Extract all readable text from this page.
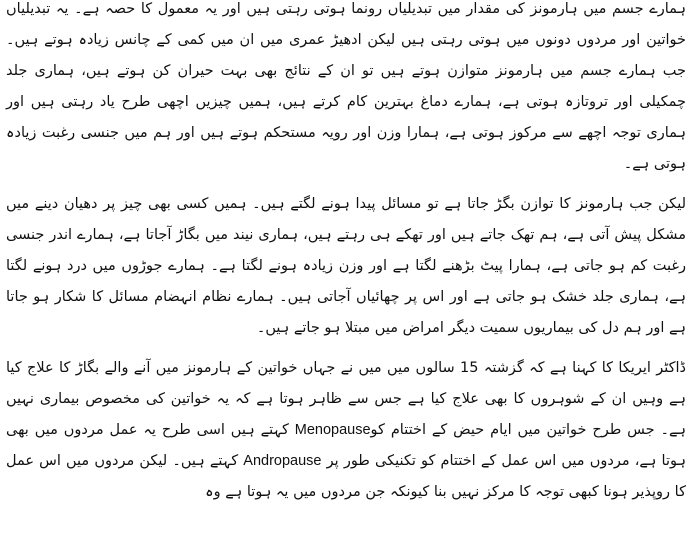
ہمارے جسم میں ہارمونز کی مقدار میں تبدیلیاں رونما ہوتی رہتی ہیں اور یہ معمول کا حصہ ہے۔ یہ تبدیلیاں خواتین اور مردوں دونوں میں ہوتی رہتی ہیں لیکن ادھیڑ عمری میں ان میں کمی کے چانس زیادہ ہوتے ہیں۔ جب ہمارے جسم میں ہارمونز متوازن ہوتے ہیں تو ان کے نتائج بھی بہت حیران کن ہوتے ہیں، ہماری جلد چمکیلی اور تروتازہ ہوتی ہے، ہمارے دماغ بہترین کام کرتے ہیں، ہمیں چیزیں اچھی طرح یاد رہتی ہیں اور ہماری توجہ اچھے سے مرکوز ہوتی ہے، ہمارا وزن اور رویہ مستحکم ہوتے ہیں اور ہم میں جنسی رغبت زیادہ ہوتی ہے۔

لیکن جب ہارمونز کا توازن بگڑ جاتا ہے تو مسائل پیدا ہونے لگتے ہیں۔ ہمیں کسی بھی چیز پر دھیان دینے میں مشکل پیش آتی ہے، ہم تھک جاتے ہیں اور تھکے ہی رہتے ہیں، ہماری نیند میں بگاڑ آجاتا ہے، ہمارے اندر جنسی رغبت کم ہو جاتی ہے، ہمارا پیٹ بڑھنے لگتا ہے اور وزن زیادہ ہونے لگتا ہے۔ ہمارے جوڑوں میں درد ہونے لگتا ہے، ہماری جلد خشک ہو جاتی ہے اور اس پر چھائیاں آجاتی ہیں۔ ہمارے نظام انہضام مسائل کا شکار ہو جاتا ہے اور ہم دل کی بیماریوں سمیت دیگر امراض میں مبتلا ہو جاتے ہیں۔

ڈاکٹر ایریکا کا کہنا ہے کہ گزشتہ 15 سالوں میں میں نے جہاں خواتین کے ہارمونز میں آنے والے بگاڑ کا علاج کیا ہے وہیں ان کے شوہروں کا بھی علاج کیا ہے جس سے ظاہر ہوتا ہے کہ یہ خواتین کی مخصوص بیماری نہیں ہے۔ جس طرح خواتین میں ایام حیض کے اختتام کوMenopause کہتے ہیں اسی طرح یہ عمل مردوں میں بھی ہوتا ہے، مردوں میں اس عمل کے اختتام کو تکنیکی طور پر Andropause کہتے ہیں۔ لیکن مردوں میں اس عمل کا روپذیر ہونا کبھی توجہ کا مرکز نہیں بنا کیونکہ جن مردوں میں یہ ہوتا ہے وہ
